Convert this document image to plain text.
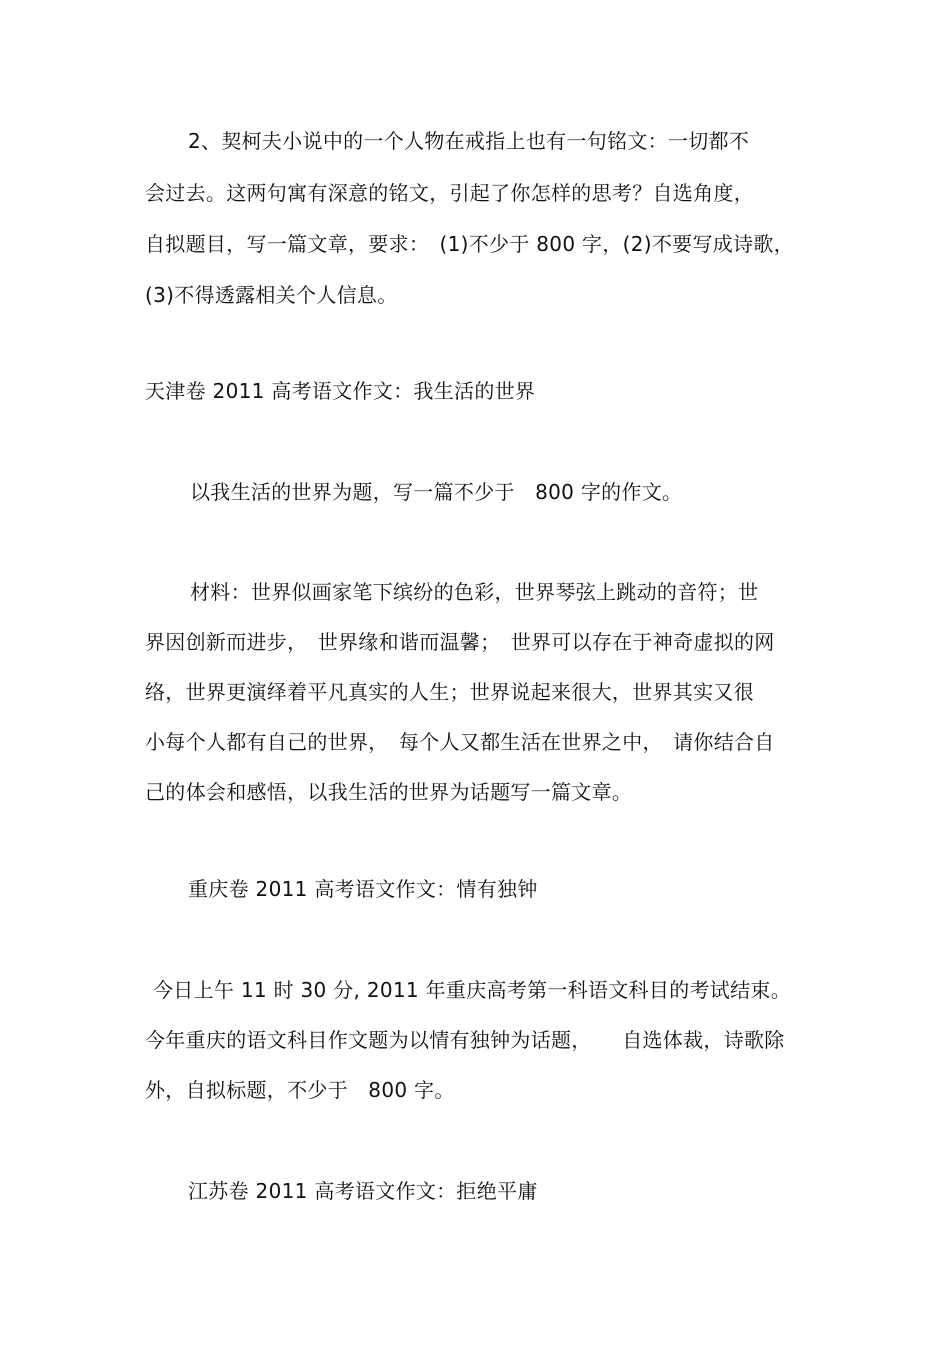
2、契柯夫小说中的一个人物在戒指上也有一句铭文：一切都不
会过去。这两句寓有深意的铭文，引起了你怎样的思考？自选角度，
自拟题目，写一篇文章，要求：　(1)不少于 800 字，(2)不要写成诗歌，
(3)不得透露相关个人信息。
天津卷 2011 高考语文作文：我生活的世界
以我生活的世界为题，写一篇不少于　800 字的作文。
材料：世界似画家笔下缤纷的色彩，世界琴弦上跳动的音符；世
界因创新而进步，　世界缘和谐而温馨；　世界可以存在于神奇虚拟的网
络，世界更演绎着平凡真实的人生；世界说起来很大，世界其实又很
小每个人都有自己的世界，　每个人又都生活在世界之中，　请你结合自
己的体会和感悟，以我生活的世界为话题写一篇文章。
重庆卷 2011 高考语文作文：情有独钟
今日上午 11 时 30 分, 2011 年重庆高考第一科语文科目的考试结束。
今年重庆的语文科目作文题为以情有独钟为话题，　　自选体裁，诗歌除
外，自拟标题，不少于　800 字。
江苏卷 2011 高考语文作文：拒绝平庸
